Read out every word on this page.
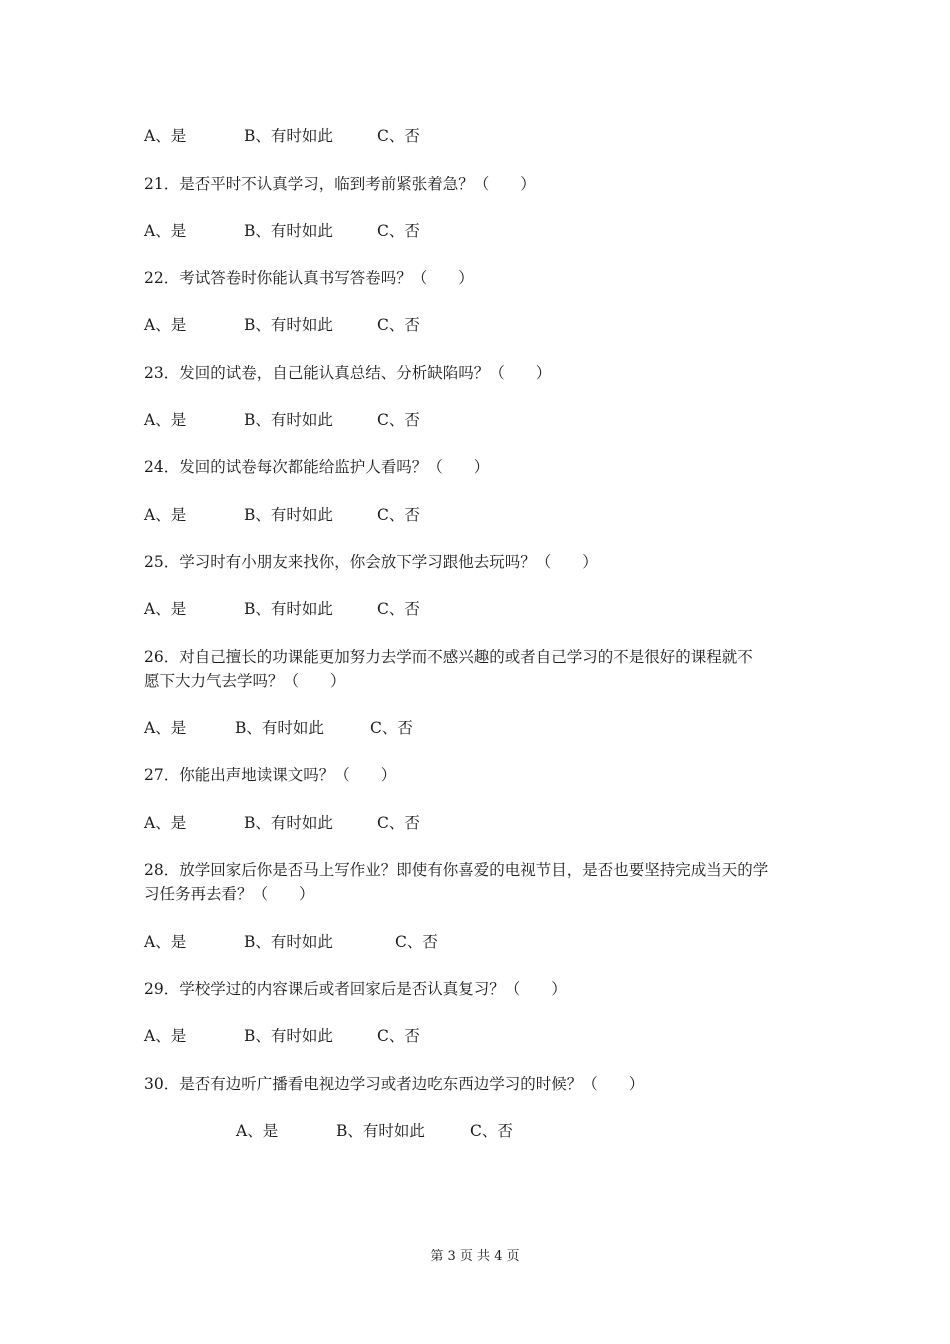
A、是	B、有时如此	C、否
21．是否平时不认真学习，临到考前紧张着急？（　　）
A、是	B、有时如此	C、否
22．考试答卷时你能认真书写答卷吗？（　　）
A、是	B、有时如此	C、否
23．发回的试卷，自己能认真总结、分析缺陷吗？（　　）
A、是	B、有时如此	C、否
24．发回的试卷每次都能给监护人看吗？（　　）
A、是	B、有时如此	C、否
25．学习时有小朋友来找你，你会放下学习跟他去玩吗？（　　）
A、是	B、有时如此	C、否
26．对自己擅长的功课能更加努力去学而不感兴趣的或者自己学习的不是很好的课程就不
愿下大力气去学吗？（　　）
A、是	B、有时如此	C、否
27．你能出声地读课文吗？（　　）
A、是	B、有时如此	C、否
28．放学回家后你是否马上写作业？即使有你喜爱的电视节目，是否也要坚持完成当天的学
习任务再去看？（　　）
A、是	B、有时如此	C、否
29．学校学过的内容课后或者回家后是否认真复习？（　　）
A、是	B、有时如此	C、否
30．是否有边听广播看电视边学习或者边吃东西边学习的时候？（　　）
A、是	B、有时如此	C、否
第 3 页 共 4 页
